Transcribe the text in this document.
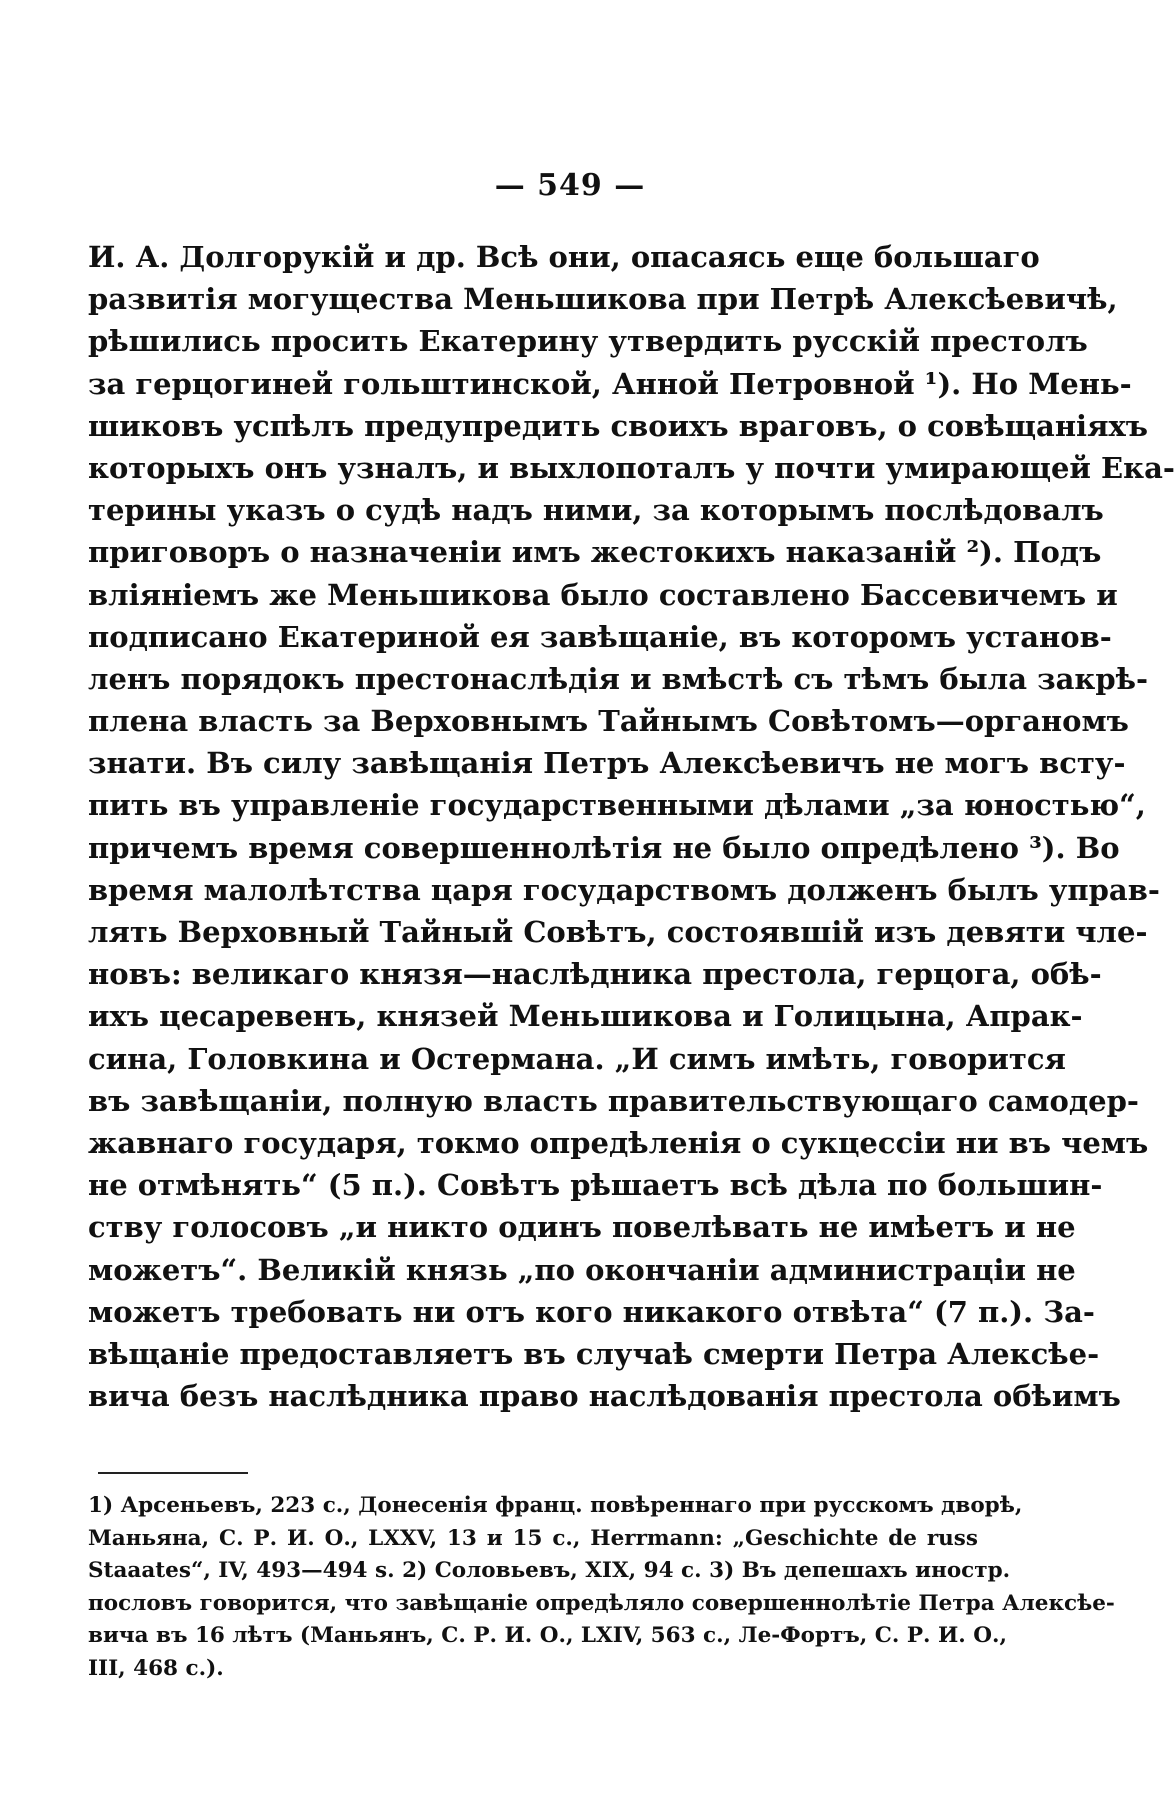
— 549 —
И. А. Долгорукій и др. Всѣ они, опасаясь еще большаго
развитія могущества Меньшикова при Петрѣ Алексѣевичѣ,
рѣшились просить Екатерину утвердить русскій престолъ
за герцогиней гольштинской, Анной Петровной ¹). Но Мень-
шиковъ успѣлъ предупредить своихъ враговъ, о совѣщаніяхъ
которыхъ онъ узналъ, и выхлопоталъ у почти умирающей Ека-
терины указъ о судѣ надъ ними, за которымъ послѣдовалъ
приговоръ о назначеніи имъ жестокихъ наказаній ²). Подъ
вліяніемъ же Меньшикова было составлено Бассевичемъ и
подписано Екатериной ея завѣщаніе, въ которомъ установ-
ленъ порядокъ престонаслѣдія и вмѣстѣ съ тѣмъ была закрѣ-
плена власть за Верховнымъ Тайнымъ Совѣтомъ—органомъ
знати. Въ силу завѣщанія Петръ Алексѣевичъ не могъ всту-
пить въ управленіе государственными дѣлами „за юностью“,
причемъ время совершеннолѣтія не было опредѣлено ³). Во
время малолѣтства царя государствомъ долженъ былъ управ-
лять Верховный Тайный Совѣтъ, состоявшій изъ девяти чле-
новъ: великаго князя—наслѣдника престола, герцога, обѣ-
ихъ цесаревенъ, князей Меньшикова и Голицына, Апрак-
сина, Головкина и Остермана. „И симъ имѣть, говорится
въ завѣщаніи, полную власть правительствующаго самодер-
жавнаго государя, токмо опредѣленія о сукцессіи ни въ чемъ
не отмѣнять“ (5 п.). Совѣтъ рѣшаетъ всѣ дѣла по большин-
ству голосовъ „и никто одинъ повелѣвать не имѣетъ и не
можетъ“. Великій князь „по окончаніи администраціи не
можетъ требовать ни отъ кого никакого отвѣта“ (7 п.). За-
вѣщаніе предоставляетъ въ случаѣ смерти Петра Алексѣе-
вича безъ наслѣдника право наслѣдованія престола обѣимъ
1) Арсеньевъ, 223 с., Донесенія франц. повѣреннаго при русскомъ дворѣ,
Маньяна, С. Р. И. О., LXXV, 13 и 15 с., Herrmann: „Geschichte de russ
Staaates“, IV, 493—494 s. 2) Соловьевъ, XIX, 94 с. 3) Въ депешахъ иностр.
пословъ говорится, что завѣщаніе опредѣляло совершеннолѣтіе Петра Алексѣе-
вича въ 16 лѣтъ (Маньянъ, С. Р. И. О., LXIV, 563 с., Ле-Фортъ, С. Р. И. О.,
III, 468 с.).
